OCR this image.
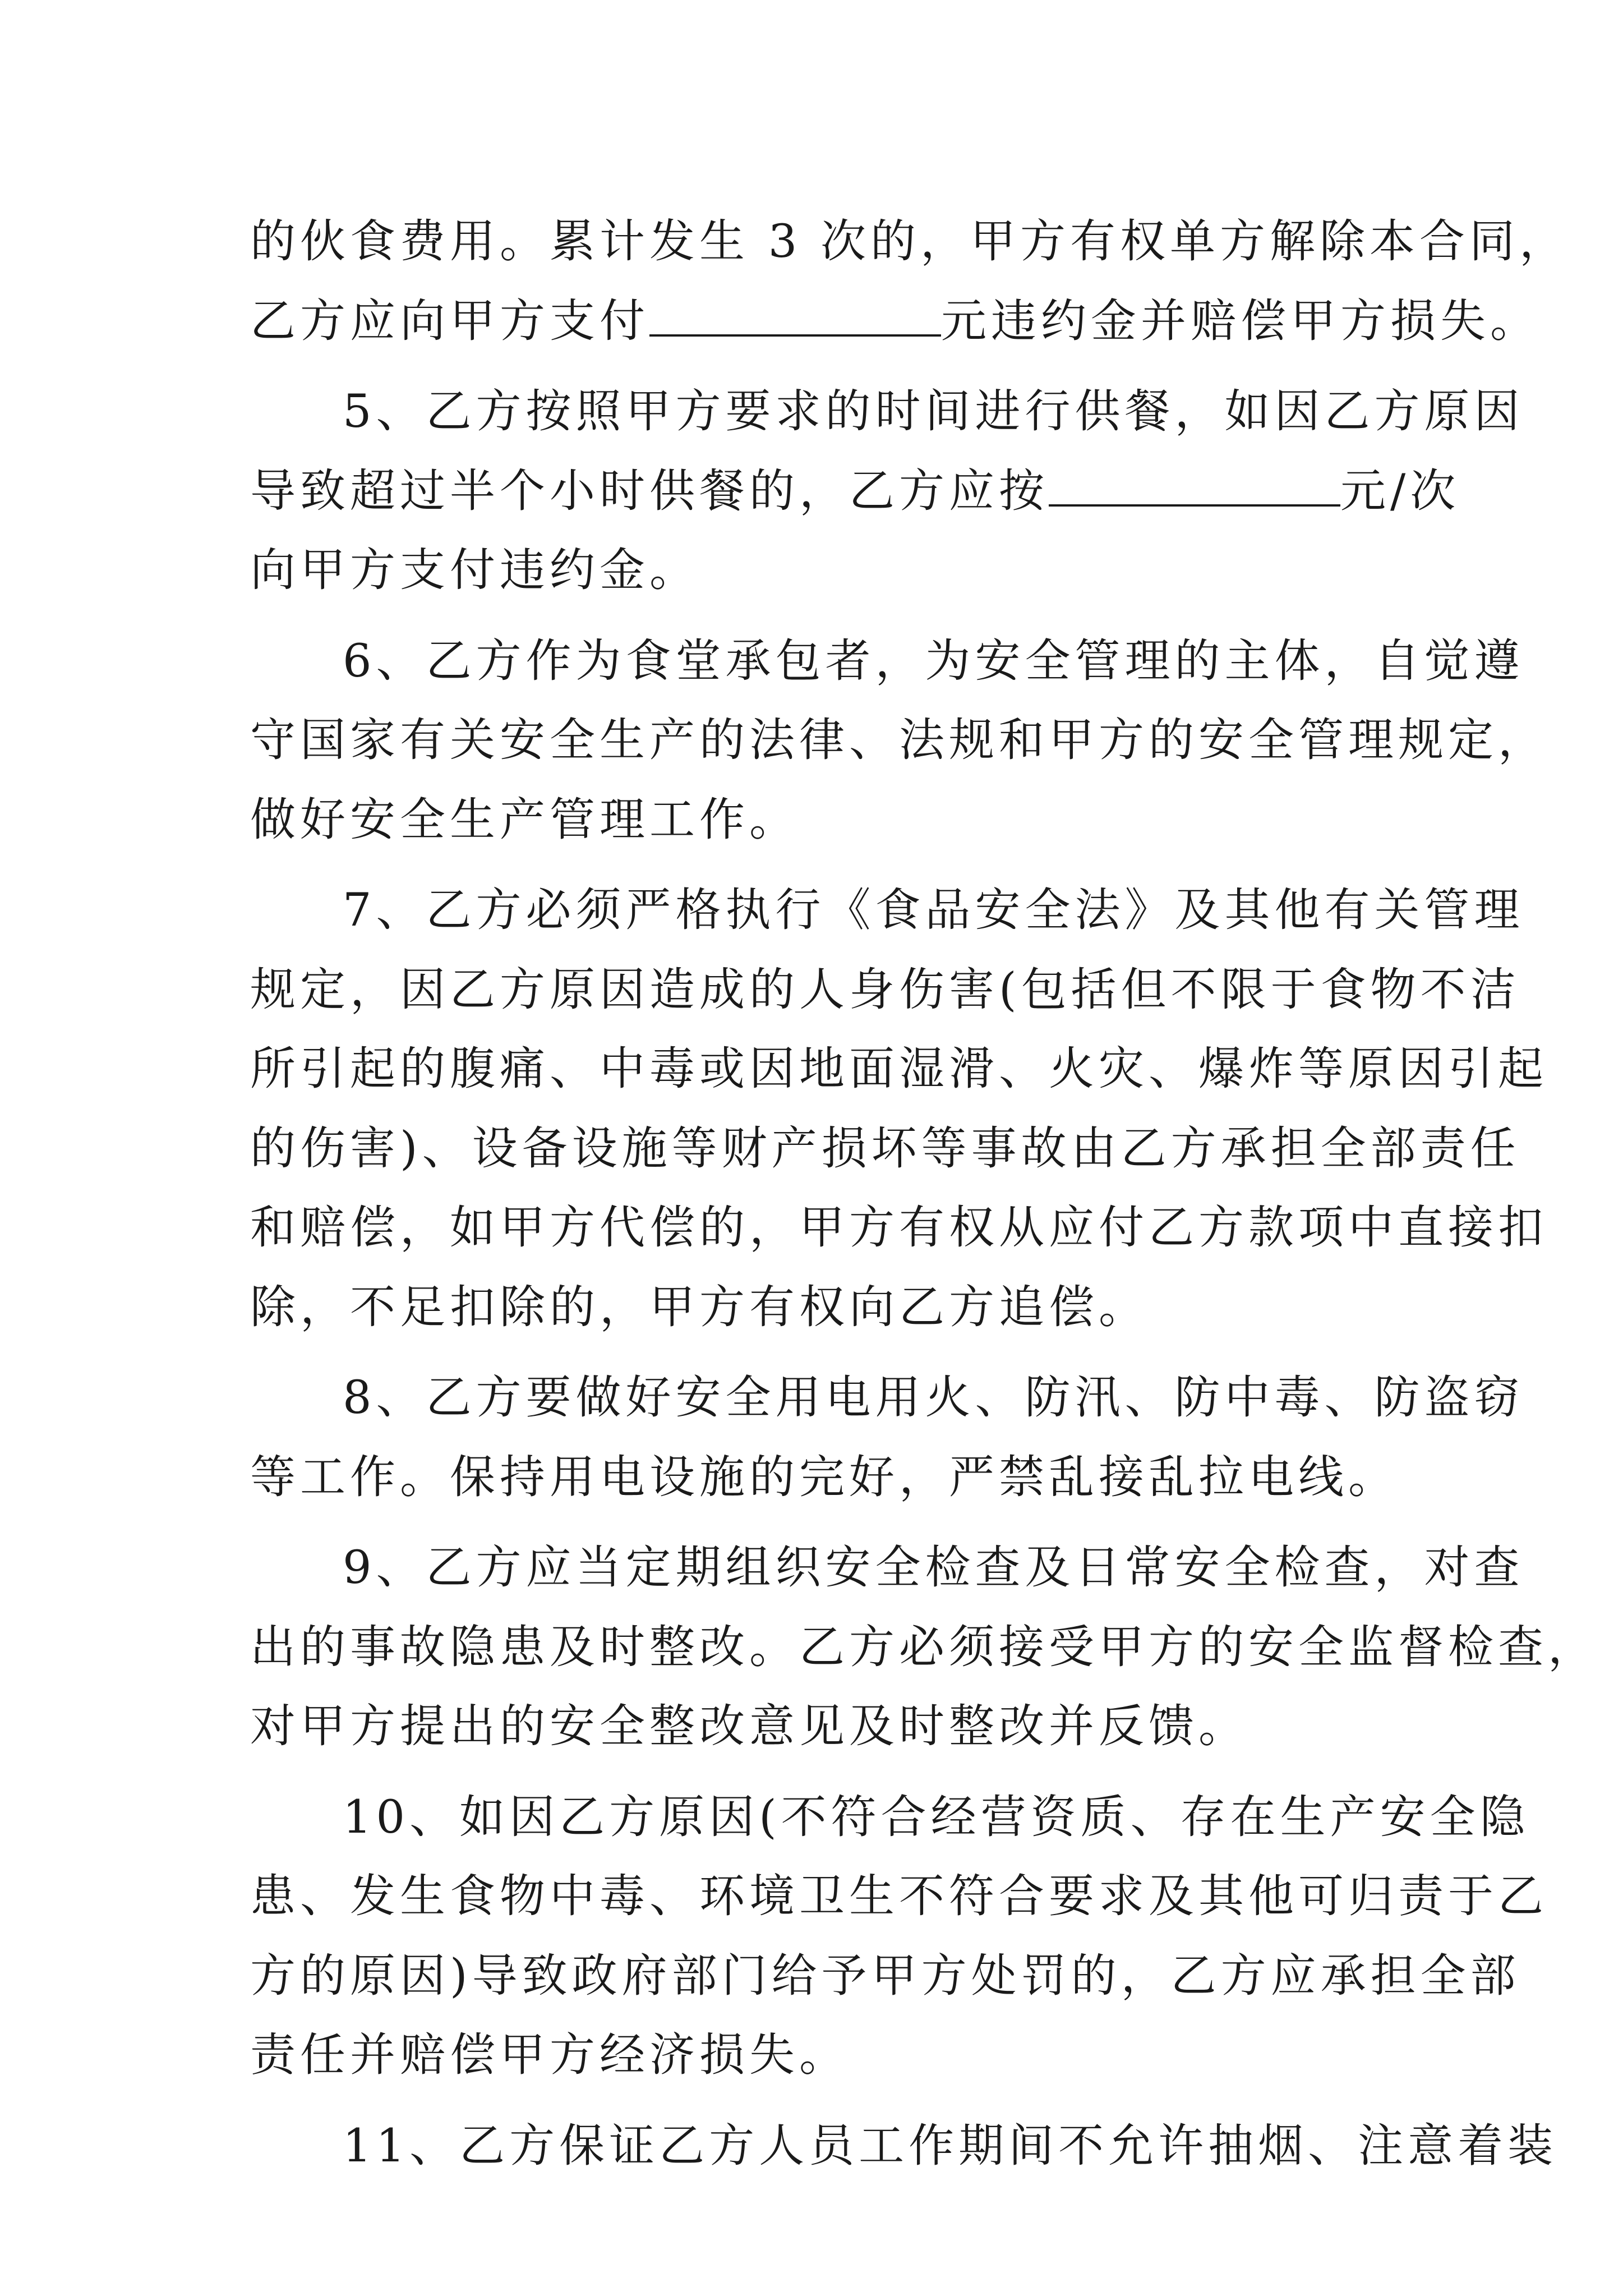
的伙食费用。累计发生 3 次的，甲方有权单方解除本合同，
乙方应向甲方支付	元违约金并赔偿甲方损失。
5、乙方按照甲方要求的时间进行供餐，如因乙方原因
导致超过半个小时供餐的，乙方应按	元/次
向甲方支付违约金。
6、乙方作为食堂承包者，为安全管理的主体，自觉遵
守国家有关安全生产的法律、法规和甲方的安全管理规定，
做好安全生产管理工作。
7、乙方必须严格执行《食品安全法》及其他有关管理
规定，因乙方原因造成的人身伤害(包括但不限于食物不洁
所引起的腹痛、中毒或因地面湿滑、火灾、爆炸等原因引起
的伤害)、设备设施等财产损坏等事故由乙方承担全部责任
和赔偿，如甲方代偿的，甲方有权从应付乙方款项中直接扣
除，不足扣除的，甲方有权向乙方追偿。
8、乙方要做好安全用电用火、防汛、防中毒、防盗窃
等工作。保持用电设施的完好，严禁乱接乱拉电线。
9、乙方应当定期组织安全检查及日常安全检查，对查
出的事故隐患及时整改。乙方必须接受甲方的安全监督检查，
对甲方提出的安全整改意见及时整改并反馈。
10、如因乙方原因(不符合经营资质、存在生产安全隐
患、发生食物中毒、环境卫生不符合要求及其他可归责于乙
方的原因)导致政府部门给予甲方处罚的，乙方应承担全部
责任并赔偿甲方经济损失。
11、乙方保证乙方人员工作期间不允许抽烟、注意着装
